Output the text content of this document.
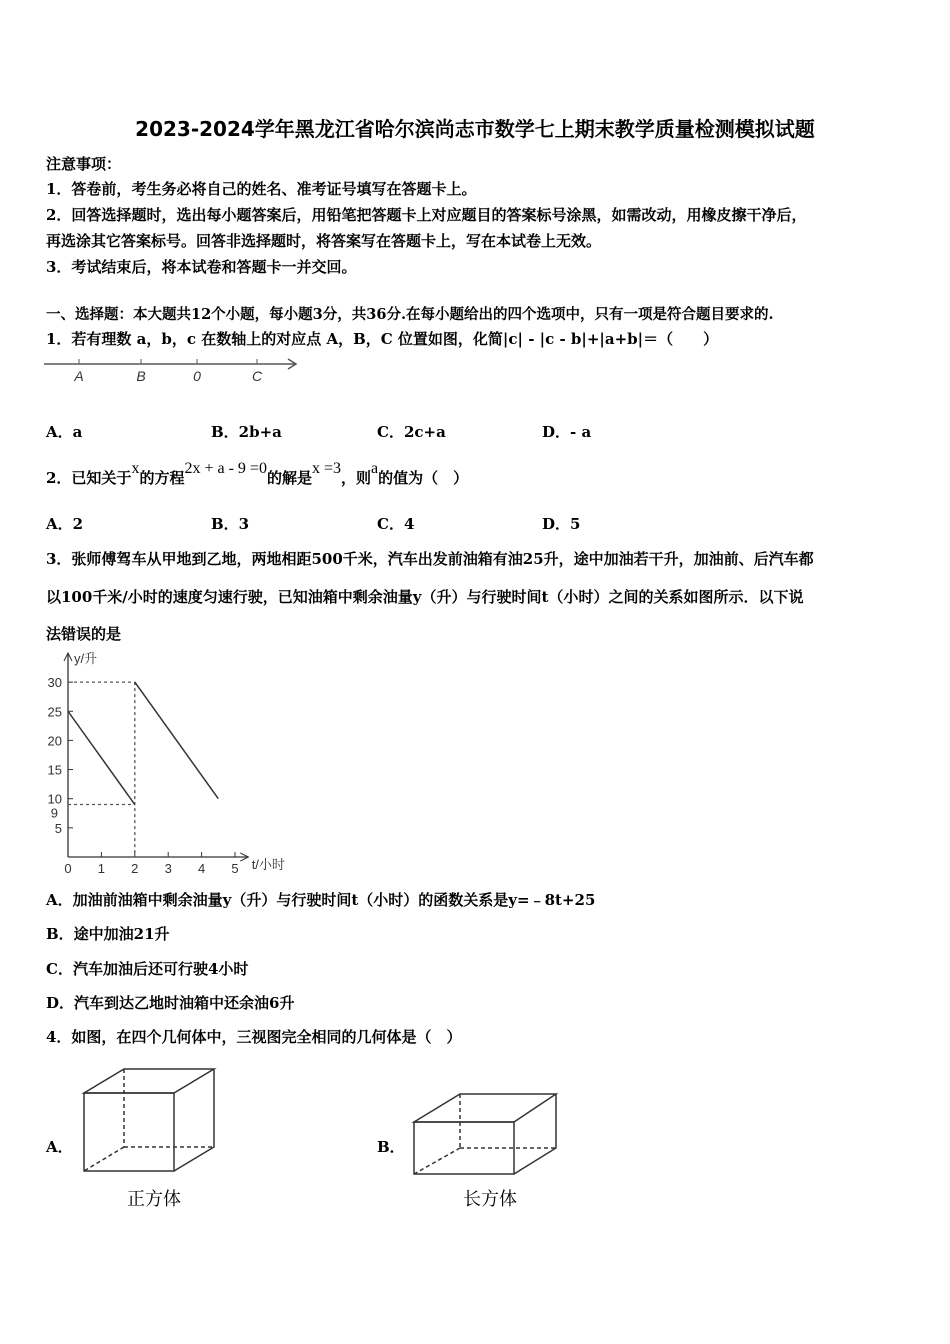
2023-2024学年黑龙江省哈尔滨尚志市数学七上期末教学质量检测模拟试题
注意事项：
1．答卷前，考生务必将自己的姓名、准考证号填写在答题卡上。
2．回答选择题时，选出每小题答案后，用铅笔把答题卡上对应题目的答案标号涂黑，如需改动，用橡皮擦干净后，
再选涂其它答案标号。回答非选择题时，将答案写在答题卡上，写在本试卷上无效。
3．考试结束后，将本试卷和答题卡一并交回。
一、选择题：本大题共12个小题，每小题3分，共36分.在每小题给出的四个选项中，只有一项是符合题目要求的.
1．若有理数 a，b，c 在数轴上的对应点 A，B，C 位置如图，化简|c| - |c - b|+|a+b|＝（　　）
A	B	0	C
A．a	B．2b+a	C．2c+a	D．- a
2．已知关于x的方程2x + a - 9 =0的解是x =3，则a的值为（　）
A．2	B．3	C．4	D．5
3．张师傅驾车从甲地到乙地，两地相距500千米，汽车出发前油箱有油25升，途中加油若干升，加油前、后汽车都
以100千米/小时的速度匀速行驶，已知油箱中剩余油量y（升）与行驶时间t（小时）之间的关系如图所示．以下说
法错误的是
5
10
15
20
25
30
9
0 1 2 3 4 5
y/升
t/小时
A．加油前油箱中剩余油量y（升）与行驶时间t（小时）的函数关系是y=﹣8t+25
B．途中加油21升
C．汽车加油后还可行驶4小时
D．汽车到达乙地时油箱中还余油6升
4．如图，在四个几何体中，三视图完全相同的几何体是（　）
A．
正方体
B．
长方体
